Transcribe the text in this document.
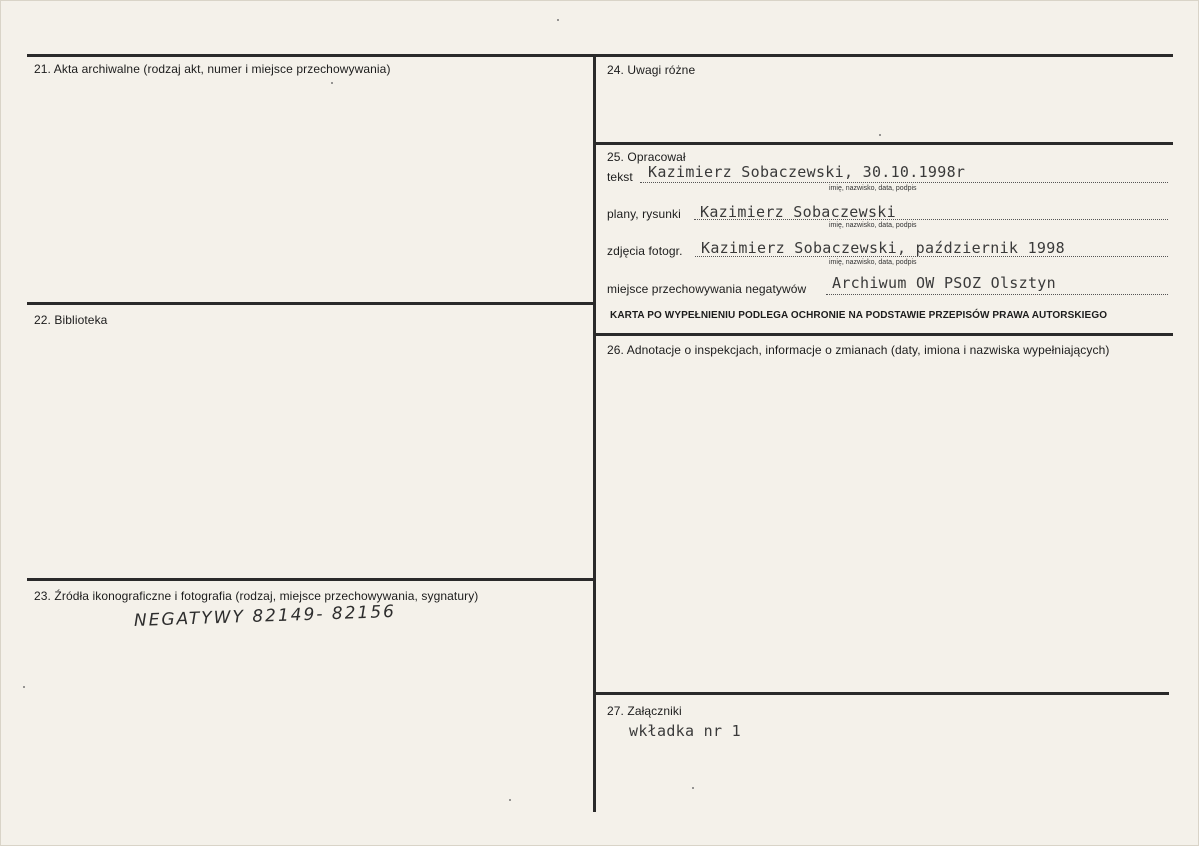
21. Akta archiwalne (rodzaj akt, numer i miejsce przechowywania)
22. Biblioteka
23. Źródła ikonograficzne i fotografia (rodzaj, miejsce przechowywania, sygnatury)
NEGATYWY 82149- 82156
24. Uwagi różne
25. Opracował
tekst Kazimierz Sobaczewski, 30.10.1998r
imię, nazwisko, data, podpis
plany, rysunki Kazimierz Sobaczewski
imię, nazwisko, data, podpis
zdjęcia fotogr. Kazimierz Sobaczewski, październik 1998
imię, nazwisko, data, podpis
miejsce przechowywania negatywów Archiwum OW PSOZ Olsztyn
KARTA PO WYPEŁNIENIU PODLEGA OCHRONIE NA PODSTAWIE PRZEPISÓW PRAWA AUTORSKIEGO
26. Adnotacje o inspekcjach, informacje o zmianach (daty, imiona i nazwiska wypełniających)
27. Załączniki
wkładka nr 1
